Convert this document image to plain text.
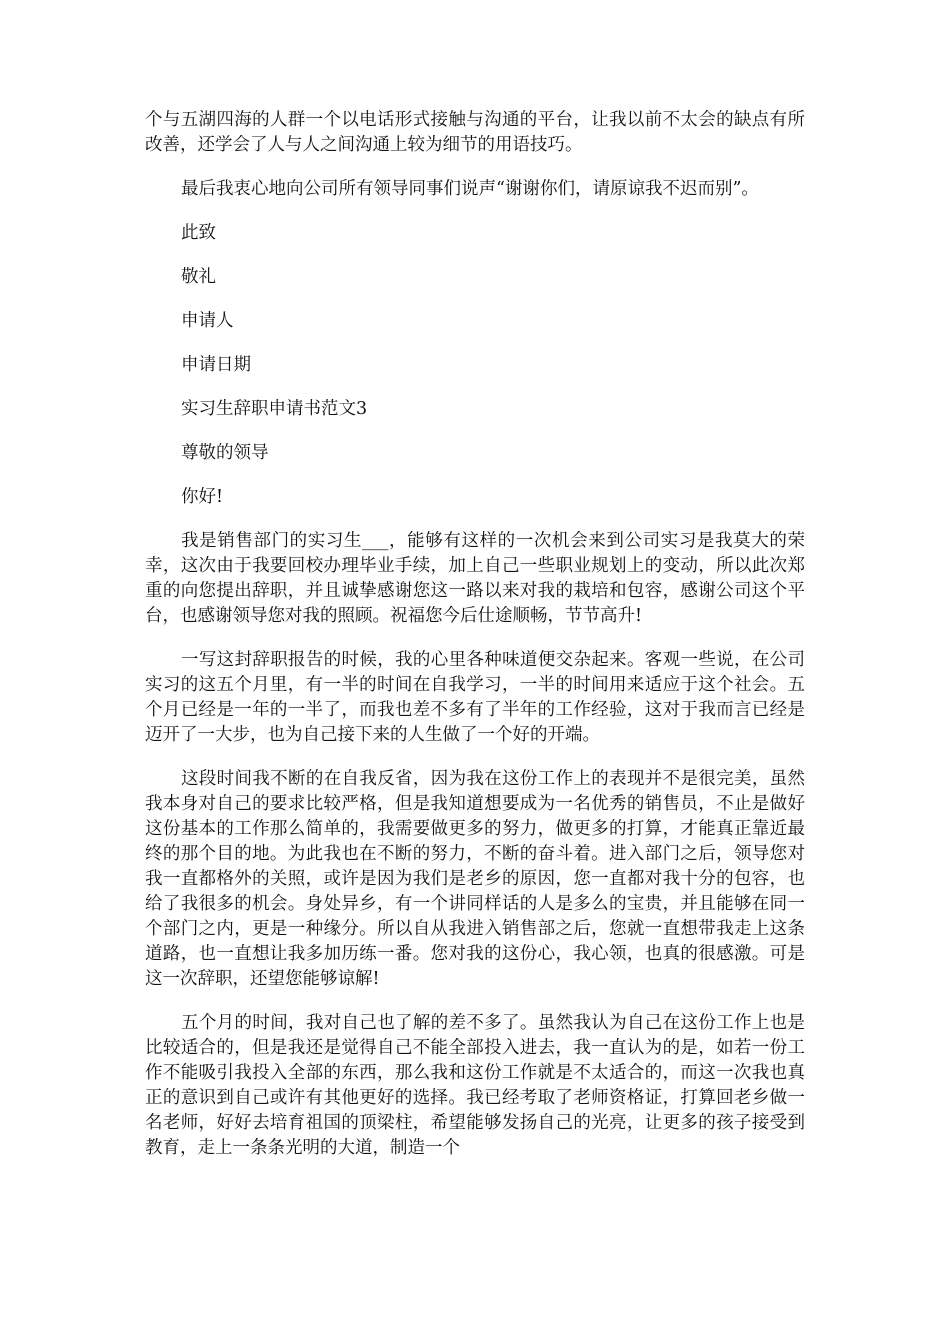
个与五湖四海的人群一个以电话形式接触与沟通的平台，让我以前不太会的缺点有所改善，还学会了人与人之间沟通上较为细节的用语技巧。

最后我衷心地向公司所有领导同事们说声“谢谢你们，请原谅我不迟而别”。

此致
敬礼
申请人
申请日期
实习生辞职申请书范文3
尊敬的领导
你好!

我是销售部门的实习生___，能够有这样的一次机会来到公司实习是我莫大的荣幸，这次由于我要回校办理毕业手续，加上自己一些职业规划上的变动，所以此次郑重的向您提出辞职，并且诚挚感谢您这一路以来对我的栽培和包容，感谢公司这个平台，也感谢领导您对我的照顾。祝福您今后仕途顺畅，节节高升!

一写这封辞职报告的时候，我的心里各种味道便交杂起来。客观一些说，在公司实习的这五个月里，有一半的时间在自我学习，一半的时间用来适应于这个社会。五个月已经是一年的一半了，而我也差不多有了半年的工作经验，这对于我而言已经是迈开了一大步，也为自己接下来的人生做了一个好的开端。

这段时间我不断的在自我反省，因为我在这份工作上的表现并不是很完美，虽然我本身对自己的要求比较严格，但是我知道想要成为一名优秀的销售员，不止是做好这份基本的工作那么简单的，我需要做更多的努力，做更多的打算，才能真正靠近最终的那个目的地。为此我也在不断的努力，不断的奋斗着。进入部门之后，领导您对我一直都格外的关照，或许是因为我们是老乡的原因，您一直都对我十分的包容，也给了我很多的机会。身处异乡，有一个讲同样话的人是多么的宝贵，并且能够在同一个部门之内，更是一种缘分。所以自从我进入销售部之后，您就一直想带我走上这条道路，也一直想让我多加历练一番。您对我的这份心，我心领，也真的很感激。可是这一次辞职，还望您能够谅解!

五个月的时间，我对自己也了解的差不多了。虽然我认为自己在这份工作上也是比较适合的，但是我还是觉得自己不能全部投入进去，我一直认为的是，如若一份工作不能吸引我投入全部的东西，那么我和这份工作就是不太适合的，而这一次我也真正的意识到自己或许有其他更好的选择。我已经考取了老师资格证，打算回老乡做一名老师，好好去培育祖国的顶梁柱，希望能够发扬自己的光亮，让更多的孩子接受到教育，走上一条条光明的大道，制造一个
